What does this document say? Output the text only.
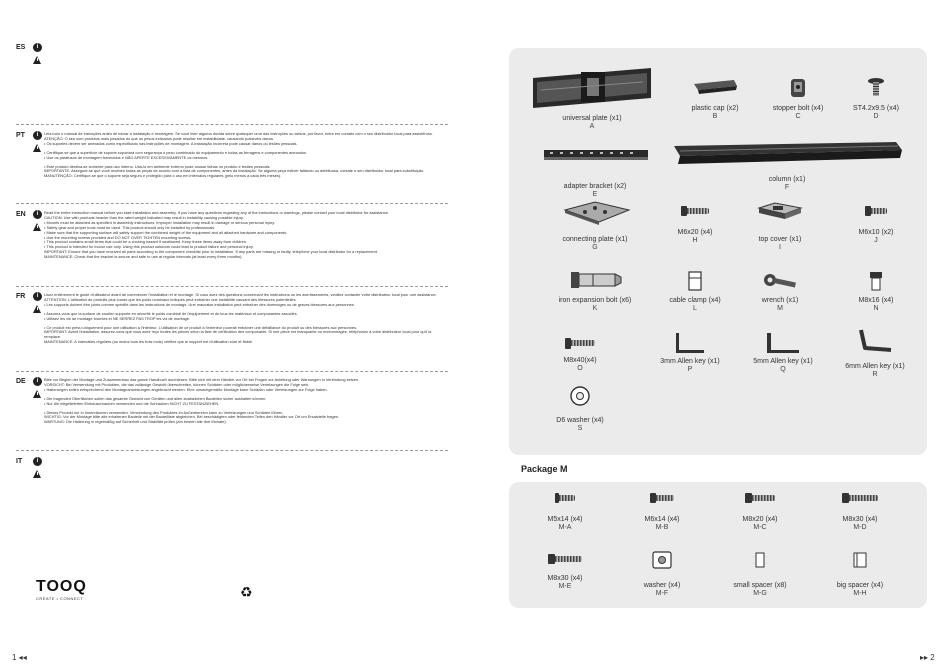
ES	i
PT	i	Leia todo o manual de instruções antes de iniciar a instalação e montagem. Se você tiver alguma dúvida sobre quaisquer uma das instruções ou avisos, por favor, entre em contato com o seu distribuidor local para assistência.

ATENÇÃO: O seu som produtos mais pesados do que os pesos indicados pode resultar em instabilidade, causando possíveis danos.

• Os suportes devem ser anexados como especificado nas instruções de montagem. A instalação incorreta pode causar danos ou lesões pessoais.

• Certifique-se que a superfície de suporte suportará com segurança o peso combinado do equipamento e todas as ferragens e componentes anexados.

• Use os parafusos de montagem fornecidos e NÃO APERTE EXCESSIVAMENTE os mesmos.

• Este produto destina-se somente para uso interno. Usá-lo em ambiente externo pode causar falhas no produto e lesões pessoais.

IMPORTANTE: Assegure-se que você recebeu todas as peças de acordo com a lista de componentes, antes da instalação. Se alguma peça estiver faltando ou defeituosa, contate o seu distribuidor local para substituição.

MANUTENÇÃO: Certifique-se que o suporte seja seguro e protegido para o uso em intervalos regulares (pelo menos a cada três meses).

EN	i	Read the entire instruction manual before you start installation and assembly. If you have any questions regarding any of the instructions or warnings, please contact your local distributor for assistance.

CAUTION: Use with products heavier than the rated weight indicated may result in instability causing possible injury.

• Mounts must be attached as specified in assembly instructions. Improper installation may result in damage or serious personal injury.

• Safety gear and proper tools must be used. This product should only be installed by professionals.

• Make sure that the supporting surface will safely support the combined weight of the equipment and all attached hardware and components.

• Use the mounting screws provided and DO NOT OVER TIGHTEN mounting screws.

• This product contains small items that could be a choking hazard if swallowed. Keep these items away from children.

• This product is intended for indoor use only. Using this product outdoors could lead to product failure and personal injury.

IMPORTANT: Ensure that you have received all parts according to the component checklist prior to installation. If any parts are missing or faulty, telephone your local distributor for a replacement.

MAINTENANCE: Check that the bracket is secure and safe to use at regular intervals (at least every three months).

FR	i	Lisez entièrement le guide d'utilisateur avant de commencer l'installation et le montage. Si vous avez des questions concernant les instructions ou les avertissements, veuillez contacter votre distributeur local pour une assistance.

ATTENTION: L'utilisation de produits plus lourds que les poids nominaux indiqués peut entraîner une instabilité causant des blessures potentielles.

• Les supports doivent être joints comme spécifié dans les instructions de montage. Une mauvaise installation peut entraîner des dommages ou de graves blessures aux personnes.

• Assurez-vous que la surface de soutien supporte en sécurité le poids combiné de l'équipement et de tous les matériaux et composantes associés.

• Utilisez les vis de montage fournies et NE SERREZ PAS TROP les vis de montage.

• Ce produit est prévu uniquement pour une utilisation à l'intérieur. L'utilisation de ce produit à l'extérieur pourrait entraîner une défaillance du produit ou des blessures aux personnes.

IMPORTANT: Avant l'installation, assurez-vous que vous avez reçu toutes les pièces selon la liste de vérification des composants. Si une pièce est manquante ou endommagée, téléphonez à votre distributeur local pour qu'il la remplace.

MAINTENANCE: A intervalles réguliers (au moins tous les trois mois) vérifiez que le support est d'utilisation sûre et fiable.

DE	i	Bitte vor Beginn der Montage und Zusammenbau das ganze Handbuch durchlesen. Bitte sich mit dem Händler vor Ort bei Fragen zur Anleitung oder Warnungen in Verbindung setzen.

VORSICHT: Bei Verwendung mit Produkten, die das zulässige Gewicht überschreiten, können Schäden oder möglicherweise Verletzungen die Folge sein.

• Halterungen sollen entsprechend den Montageanweisungen angebracht werden. Eine unsachgemäße Montage kann Schäden oder Verletzungen zur Folge haben.

• Die tragenden Oberflächen sollen das gesamte Gewicht von Geräten und allen zusätzlichen Bauteilen sicher aushalten können.

• Nur die mitgelieferten Einbauschrauben verwenden und die Schrauben NICHT ZU FESTANZIEHEN.

• Dieses Produkt nur in Innenräumen verwenden. Verwendung des Produktes im Außenbereich kann zu Verletzungen und Schäden führen.

WICHTIG: Vor der Montage bitte alle erhaltenen Bauteile mit der Bauteilliste abgleichen. Bei beschädigten oder fehlenden Teilen den Händler vor Ort um Ersatzteile fragen.

WARTUNG: Die Halterung in regelmäßig auf Sicherheit und Stabilität prüfen (am besten alle drei Monate).

IT	i
TOOQ
CREATE • CONNECT	♻
1 ◂◂	▸▸ 2
universal plate (x1)
A
plastic cap (x2)
B
stopper bolt (x4)
C
ST4.2x9.5 (x4)
D
adapter bracket (x2)
E
column (x1)
F
connecting plate (x1)
G
M6x20 (x4)
H	top cover (x1)
I
M6x10 (x2)
J
iron expansion bolt (x6)
K
cable clamp (x4)
L
wrench (x1)
M
M8x16 (x4)
N
M8x40(x4)
O
3mm Allen key (x1)
P
5mm Allen key (x1)
Q	6mm Allen key (x1)
R
D6 washer (x4)
S
Package M
M5x14 (x4)
M-A
M6x14 (x4)
M-B
M8x20 (x4)
M-C
M8x30 (x4)
M-D
M8x30 (x4)
M-E	washer (x4)
M-F
small spacer (x8)
M-G
big spacer (x4)
M-H
